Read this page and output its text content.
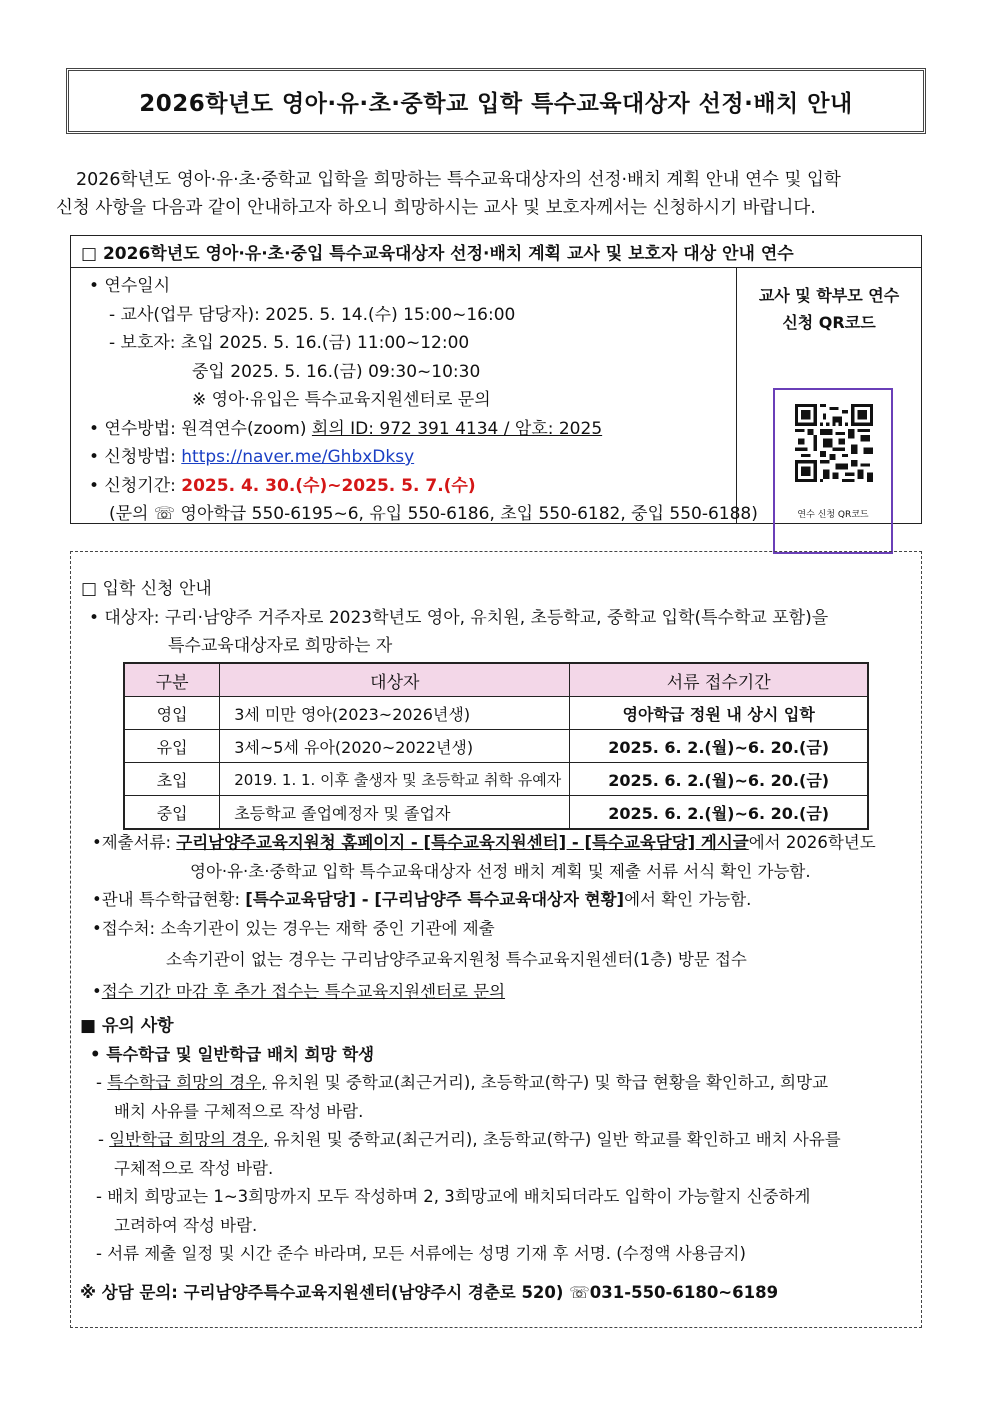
2026학년도 영아·유·초·중학교 입학 특수교육대상자 선정·배치 안내

2026학년도 영아·유·초·중학교 입학을 희망하는 특수교육대상자의 선정·배치 계획 안내 연수 및 입학

신청 사항을 다음과 같이 안내하고자 하오니 희망하시는 교사 및 보호자께서는 신청하시기 바랍니다.
□ 2026학년도 영아·유·초·중입 특수교육대상자 선정·배치 계획 교사 및 보호자 대상 안내 연수
• 연수일시
- 교사(업무 담당자): 2025. 5. 14.(수) 15:00~16:00
- 보호자: 초입 2025. 5. 16.(금) 11:00~12:00
중입 2025. 5. 16.(금) 09:30~10:30
※ 영아·유입은 특수교육지원센터로 문의
• 연수방법: 원격연수(zoom) 회의 ID: 972 391 4134 / 암호: 2025
• 신청방법: https://naver.me/GhbxDksy
• 신청기간: 2025. 4. 30.(수)~2025. 5. 7.(수)
(문의 ☏ 영아학급 550-6195~6, 유입 550-6186, 초입 550-6182, 중입 550-6188)
교사 및 학부모 연수
신청 QR코드
연수 신청 QR코드
□ 입학 신청 안내
• 대상자: 구리·남양주 거주자로 2023학년도 영아, 유치원, 초등학교, 중학교 입학(특수학교 포함)을
특수교육대상자로 희망하는 자
구분	대상자	서류 접수기간
영입	3세 미만 영아(2023~2026년생)	영아학급 정원 내 상시 입학
유입	3세~5세 유아(2020~2022년생)	2025. 6. 2.(월)~6. 20.(금)
초입	2019. 1. 1. 이후 출생자 및 초등학교 취학 유예자	2025. 6. 2.(월)~6. 20.(금)
중입	초등학교 졸업예정자 및 졸업자	2025. 6. 2.(월)~6. 20.(금)
•제출서류: 구리남양주교육지원청 홈페이지 - [특수교육지원센터] - [특수교육담당] 게시글에서 2026학년도
영아·유·초·중학교 입학 특수교육대상자 선정 배치 계획 및 제출 서류 서식 확인 가능함.
•관내 특수학급현황: [특수교육담당] - [구리남양주 특수교육대상자 현황]에서 확인 가능함.
•접수처: 소속기관이 있는 경우는 재학 중인 기관에 제출
소속기관이 없는 경우는 구리남양주교육지원청 특수교육지원센터(1층) 방문 접수
•접수 기간 마감 후 추가 접수는 특수교육지원센터로 문의
■ 유의 사항
• 특수학급 및 일반학급 배치 희망 학생
- 특수학급 희망의 경우, 유치원 및 중학교(최근거리), 초등학교(학구) 및 학급 현황을 확인하고, 희망교
배치 사유를 구체적으로 작성 바람.
- 일반학급 희망의 경우, 유치원 및 중학교(최근거리), 초등학교(학구) 일반 학교를 확인하고 배치 사유를
구체적으로 작성 바람.
- 배치 희망교는 1~3희망까지 모두 작성하며 2, 3희망교에 배치되더라도 입학이 가능할지 신중하게
고려하여 작성 바람.
- 서류 제출 일정 및 시간 준수 바라며, 모든 서류에는 성명 기재 후 서명. (수정액 사용금지)
※ 상담 문의: 구리남양주특수교육지원센터(남양주시 경춘로 520) ☏031-550-6180~6189
